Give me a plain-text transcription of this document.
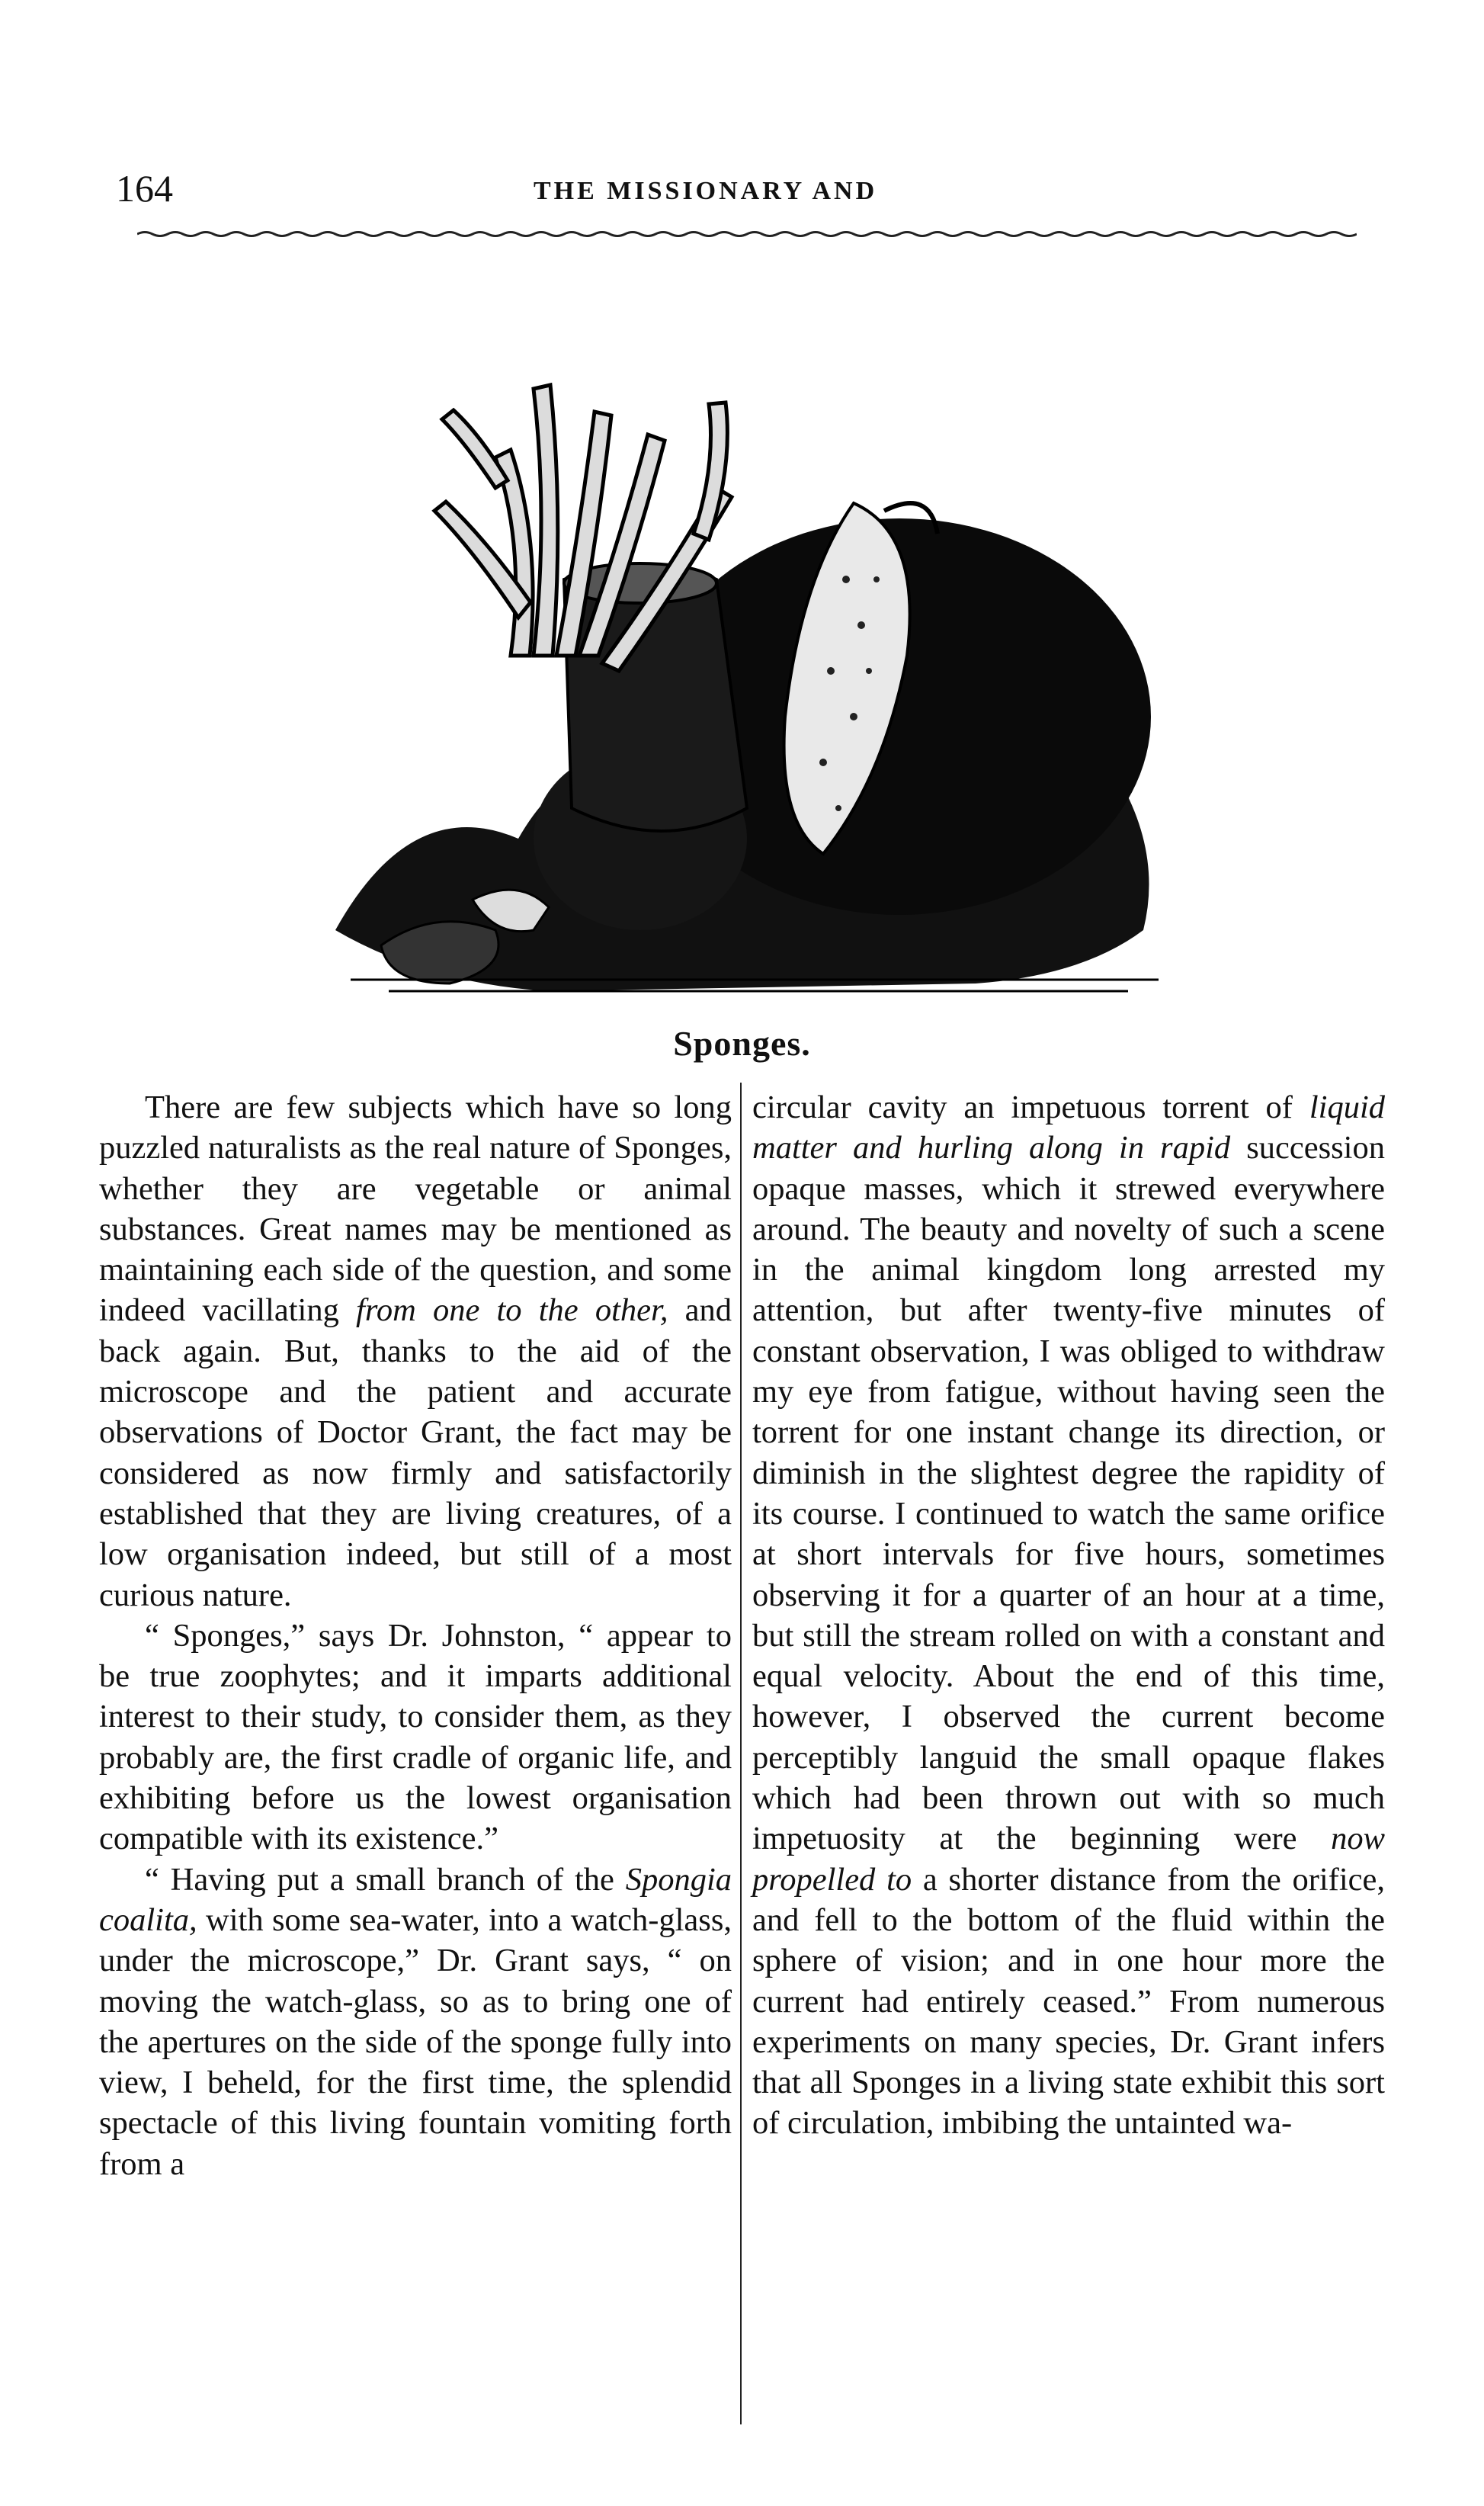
164	THE MISSIONARY AND
Sponges.

There are few subjects which have so long puzzled naturalists as the real nature of Sponges, whether they are vegetable or animal substances. Great names may be mentioned as maintaining each side of the question, and some indeed vacillating from one to the other, and back again. But, thanks to the aid of the microscope and the patient and accurate observations of Doctor Grant, the fact may be considered as now firmly and satisfactorily established that they are living creatures, of a low organisation indeed, but still of a most curious nature.

“ Sponges,” says Dr. Johnston, “ appear to be true zoophytes; and it imparts additional interest to their study, to consider them, as they probably are, the first cradle of organic life, and exhibiting before us the lowest organisation compatible with its existence.”

“ Having put a small branch of the Spongia coalita, with some sea-water, into a watch-glass, under the microscope,” Dr. Grant says, “ on moving the watch-glass, so as to bring one of the apertures on the side of the sponge fully into view, I beheld, for the first time, the splendid spectacle of this living fountain vomiting forth from a

circular cavity an impetuous torrent of liquid matter and hurling along in rapid succession opaque masses, which it strewed everywhere around. The beauty and novelty of such a scene in the animal kingdom long arrested my attention, but after twenty-five minutes of constant observation, I was obliged to withdraw my eye from fatigue, without having seen the torrent for one instant change its direction, or diminish in the slightest degree the rapidity of its course. I continued to watch the same orifice at short intervals for five hours, sometimes observing it for a quarter of an hour at a time, but still the stream rolled on with a constant and equal velocity. About the end of this time, however, I observed the current become perceptibly languid the small opaque flakes which had been thrown out with so much impetuosity at the beginning were now propelled to a shorter distance from the orifice, and fell to the bottom of the fluid within the sphere of vision; and in one hour more the current had entirely ceased.” From numerous experiments on many species, Dr. Grant infers that all Sponges in a living state exhibit this sort of circulation, imbibing the untainted wa-
